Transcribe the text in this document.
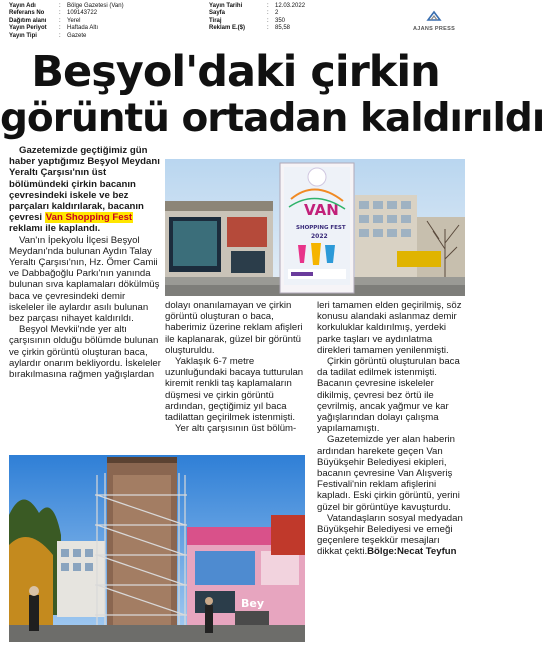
Yayın Adı	:	Bölge Gazetesi (Van)
Referans No	:	109143722
Dağıtım alanı	:	Yerel
Yayın Periyot	:	Haftada Altı
Yayın Tipi	:	Gazete
Yayın Tarihi	:	12.03.2022
Sayfa	:	2
Tiraj	:	350
Reklam E.($)	:	85,58	AJANS PRESS
Beşyol'daki çirkin
görüntü ortadan kaldırıldı

Gazetemizde geçtiğimiz gün haber yaptığımız Beşyol Meydanı Yeraltı Çarşısı'nın üst bölümündeki çirkin bacanın çevresindeki iskele ve bez parçaları kaldırılarak, bacanın çevresi Van Shopping Fest reklamı ile kaplandı.

Van'ın İpekyolu İlçesi Beşyol Meydanı'nda bulunan Aydın Talay Yeraltı Çarşısı'nın, Hz. Ömer Camii ve Dabbağoğlu Parkı'nın yanında bulunan sıva kaplamaları dökülmüş baca ve çevresindeki demir iskeleler ile aylardır asılı bulunan bez parçası nihayet kaldırıldı.

Beşyol Mevkii'nde yer altı çarşısının olduğu bölümde bulunan ve çirkin görüntü oluşturan baca, aylardır onarım bekliyordu. İskeleler bırakılmasına rağmen yağışlardan

VAN
SHOPPING FEST
2022

dolayı onanılamayan ve çirkin görüntü oluşturan o baca, haberimiz üzerine reklam afişleri ile kaplanarak, güzel bir görüntü oluşturuldu.

Yaklaşık 6-7 metre uzunluğundaki bacaya tutturulan kiremit renkli taş kaplamaların düşmesi ve çirkin görüntü ardından, geçtiğimiz yıl baca tadilattan geçirilmek istenmişti.

Yer altı çarşısının üst bölüm-

leri tamamen elden geçirilmiş, söz konusu alandaki aslanmaz demir korkuluklar kaldırılmış, yerdeki parke taşları ve aydınlatma direkleri tamamen yenilenmişti.

Çirkin görüntü oluşturulan baca da tadilat edilmek istenmişti. Bacanın çevresine iskeleler dikilmiş, çevresi bez örtü ile çevrilmiş, ancak yağmur ve kar yağışlarından dolayı çalışma yapılamamıştı.

Gazetemizde yer alan haberin ardından harekete geçen Van Büyükşehir Belediyesi ekipleri, bacanın çevresine Van Alışveriş Festivali'nin reklam afişlerini kapladı. Eski çirkin görüntü, yerini güzel bir görüntüye kavuşturdu.

Vatandaşların sosyal medyadan Büyükşehir Belediyesi ve emeği geçenlere teşekkür mesajları dikkat çekti.Bölge:Necat Teyfun

Bey
